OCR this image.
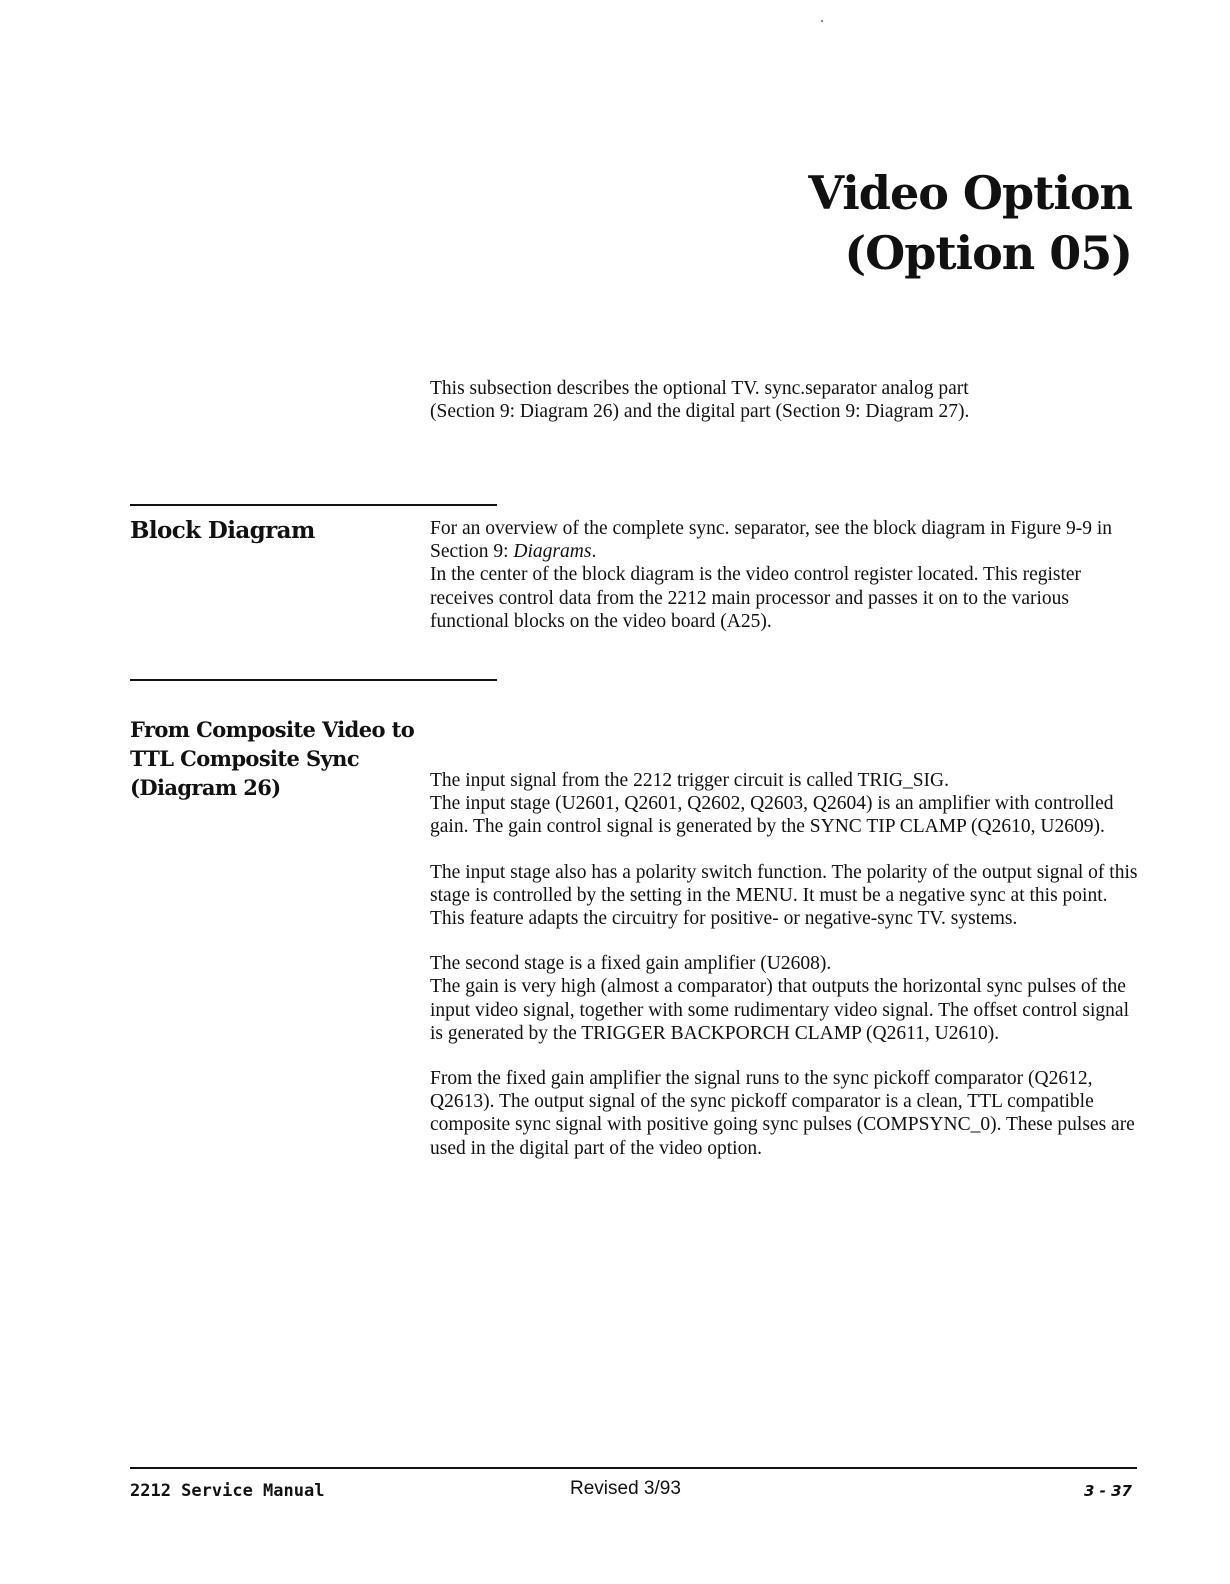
Video Option
(Option 05)

This subsection describes the optional TV. sync.separator analog part

(Section 9: Diagram 26) and the digital part (Section 9: Diagram 27).

Block Diagram	For an overview of the complete sync. separator, see the block diagram in Figure 9-9 in Section 9: Diagrams.

In the center of the block diagram is the video control register located. This register receives control data from the 2212 main processor and passes it on to the various functional blocks on the video board (A25).

From Composite Video to
TTL Composite Sync
(Diagram 26)	The input signal from the 2212 trigger circuit is called TRIG_SIG.

The input stage (U2601, Q2601, Q2602, Q2603, Q2604) is an amplifier with controlled gain. The gain control signal is generated by the SYNC TIP CLAMP (Q2610, U2609).

The input stage also has a polarity switch function. The polarity of the output signal of this stage is controlled by the setting in the MENU. It must be a negative sync at this point. This feature adapts the circuitry for positive- or negative-sync TV. systems.

The second stage is a fixed gain amplifier (U2608).

The gain is very high (almost a comparator) that outputs the horizontal sync pulses of the input video signal, together with some rudimentary video signal. The offset control signal is generated by the TRIGGER BACKPORCH CLAMP (Q2611, U2610).

From the fixed gain amplifier the signal runs to the sync pickoff comparator (Q2612, Q2613). The output signal of the sync pickoff comparator is a clean, TTL compatible composite sync signal with positive going sync pulses (COMPSYNC_0). These pulses are used in the digital part of the video option.

2212 Service Manual	Revised 3/93	3 - 37
